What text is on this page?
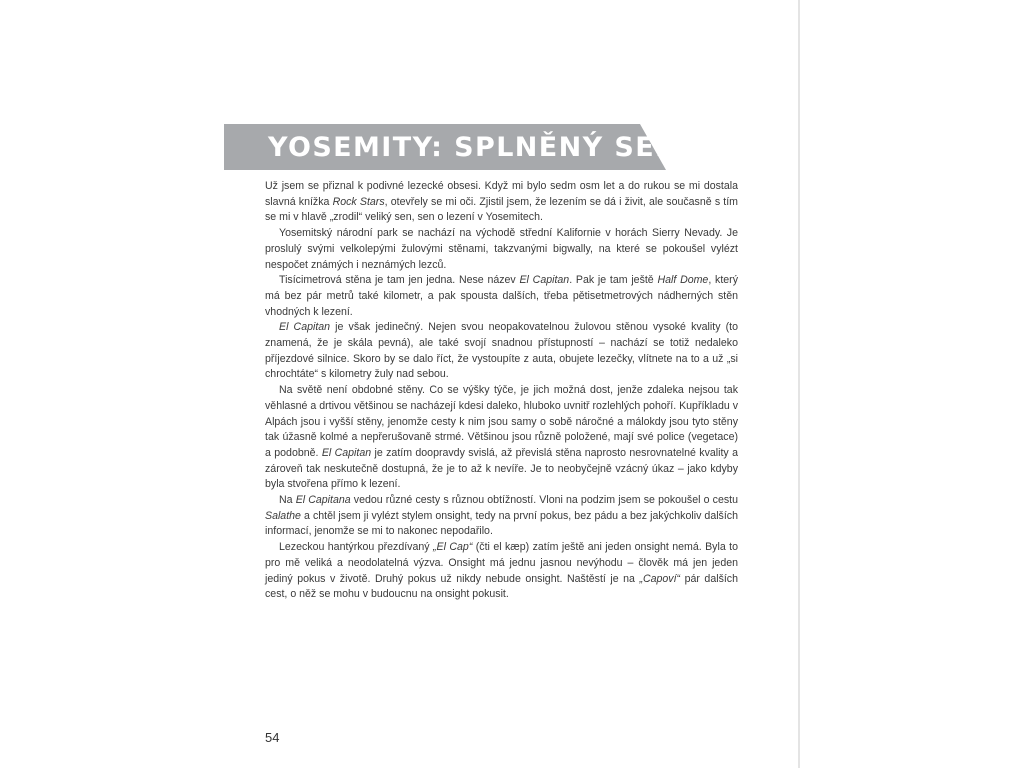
YOSEMITY: SPLNĚNÝ SEN

Už jsem se přiznal k podivné lezecké obsesi. Když mi bylo sedm osm let a do rukou se mi dostala slavná knížka Rock Stars, otevřely se mi oči. Zjistil jsem, že lezením se dá i živit, ale současně s tím se mi v hlavě „zrodil“ veliký sen, sen o lezení v Yosemitech.

Yosemitský národní park se nachází na východě střední Kalifornie v horách Sierry Nevady. Je proslulý svými velkolepými žulovými stěnami, takzvanými bigwally, na které se pokoušel vylézt nespočet známých i neznámých lezců.

Tisícimetrová stěna je tam jen jedna. Nese název El Capitan. Pak je tam ještě Half Dome, který má bez pár metrů také kilometr, a pak spousta dalších, třeba pětisetmetrových nádherných stěn vhodných k lezení.

El Capitan je však jedinečný. Nejen svou neopakovatelnou žulovou stěnou vysoké kvality (to znamená, že je skála pevná), ale také svojí snadnou přístupností – nachází se totiž nedaleko příjezdové silnice. Skoro by se dalo říct, že vystoupíte z auta, obujete lezečky, vlítnete na to a už „si chrochtáte“ s kilometry žuly nad sebou.

Na světě není obdobné stěny. Co se výšky týče, je jich možná dost, jenže zdaleka nejsou tak věhlasné a drtivou většinou se nacházejí kdesi daleko, hluboko uvnitř rozlehlých pohoří. Kupříkladu v Alpách jsou i vyšší stěny, jenomže cesty k nim jsou samy o sobě náročné a málokdy jsou tyto stěny tak úžasně kolmé a nepřerušovaně strmé. Většinou jsou různě položené, mají své police (vegetace) a podobně. El Capitan je zatím doopravdy svislá, až převislá stěna naprosto nesrovnatelné kvality a zároveň tak neskutečně dostupná, že je to až k nevíře. Je to neobyčejně vzácný úkaz – jako kdyby byla stvořena přímo k lezení.

Na El Capitana vedou různé cesty s různou obtížností. Vloni na podzim jsem se pokoušel o cestu Salathe a chtěl jsem ji vylézt stylem onsight, tedy na první pokus, bez pádu a bez jakýchkoliv dalších informací, jenomže se mi to nakonec nepodařilo.

Lezeckou hantýrkou přezdívaný „El Cap“ (čti el kæp) zatím ještě ani jeden onsight nemá. Byla to pro mě veliká a neodolatelná výzva. Onsight má jednu jasnou nevýhodu – člověk má jen jeden jediný pokus v životě. Druhý pokus už nikdy nebude onsight. Naštěstí je na „Capoví“ pár dalších cest, o něž se mohu v budoucnu na onsight pokusit.

54
